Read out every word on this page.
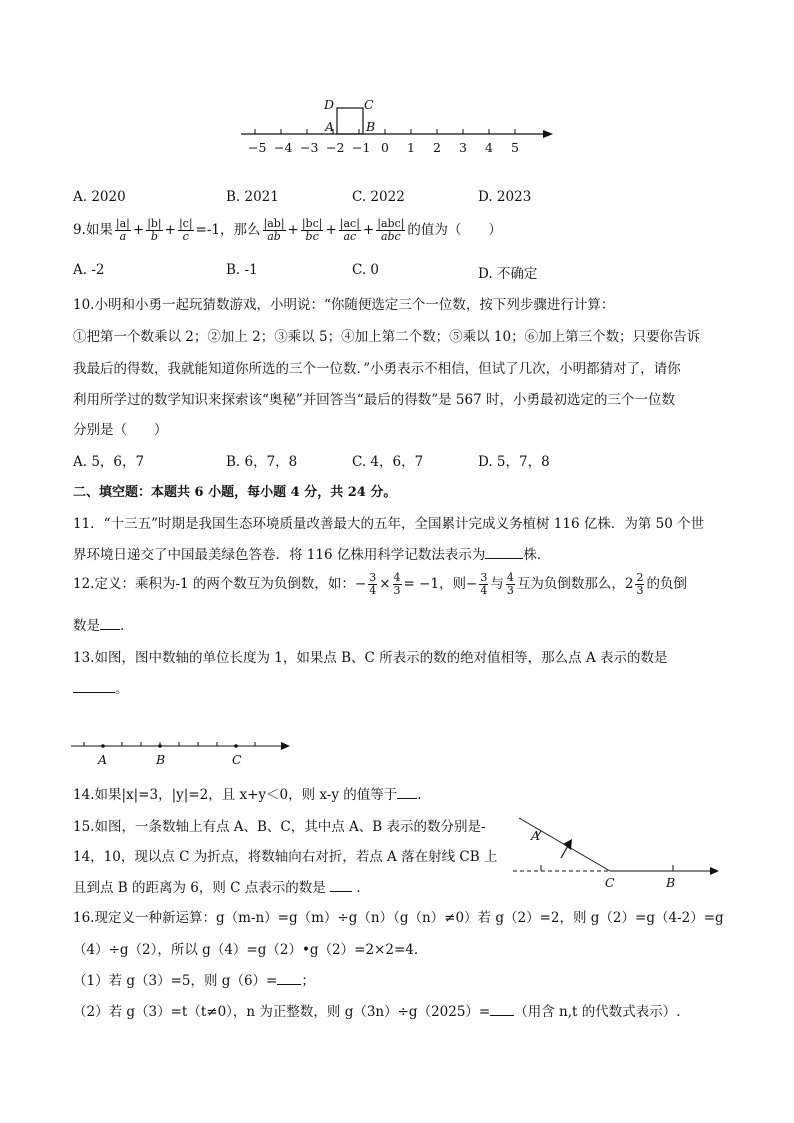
−5 −4 −3 −2 −1 0 1 2 3 4 5
D C
A	B
A. 2020	B. 2021	C. 2022	D. 2023
9.如果 $\frac{|a|}{a} + \frac{|b|}{b} + \frac{|c|}{c} =-1$，那么 $\frac{|ab|}{ab} + \frac{|bc|}{bc} + \frac{|ac|}{ac} + \frac{\text{|abc|}}{\text{abc}}$ 的值为（　　）
A. -2	B. -1	C. 0	D. 不确定
10.小明和小勇一起玩猜数游戏，小明说：“你随便选定三个一位数，按下列步骤进行计算：
①把第一个数乘以 2；②加上 2；③乘以 5；④加上第二个数；⑤乘以 10；⑥加上第三个数；只要你告诉
我最后的得数，我就能知道你所选的三个一位数．”小勇表示不相信，但试了几次，小明都猜对了，请你
利用所学过的数学知识来探索该“奥秘”并回答当“最后的得数”是 567 时，小勇最初选定的三个一位数
分别是（　　）
A. 5，6，7	B. 6，7，8	C. 4，6，7	D. 5，7，8
二、填空题：本题共 6 小题，每小题 4 分，共 24 分。
11．“十三五”时期是我国生态环境质量改善最大的五年，全国累计完成义务植树 116 亿株．为第 50 个世
界环境日递交了中国最美绿色答卷．将 116 亿株用科学记数法表示为	株．
12.定义：乘积为-1 的两个数互为负倒数，如：− $\frac{3}{4} \times \frac{4}{3} = -1$，则− $\frac{3}{4}$ 与 $\frac{4}{3}$ 互为负倒数那么，$2 \frac{2}{3}$ 的负倒
数是 .
13.如图，图中数轴的单位长度为 1，如果点 B、C 所表示的数的绝对值相等，那么点 A 表示的数是
。
A	B	C
14.如果|x|=3，|y|=2，且 x+y＜0，则 x-y 的值等于 .
15.如图，一条数轴上有点 A、B、C，其中点 A、B 表示的数分别是-
14，10，现以点 C 为折点，将数轴向右对折，若点 A 落在射线 CB 上
且到点 B 的距离为 6，则 C 点表示的数是 .
A
C	B
16.现定义一种新运算：g（m-n）=g（m）÷g（n）（g（n）≠0）若 g（2）=2，则 g（2）=g（4-2）=g
（4）÷g（2），所以 g（4）=g（2）•g（2）=2×2=4.
（1）若 g（3）=5，则 g（6）= ；
（2）若 g（3）=t（t≠0），n 为正整数，则 g（3n）÷g（2025）= （用含 n,t 的代数式表示）.
